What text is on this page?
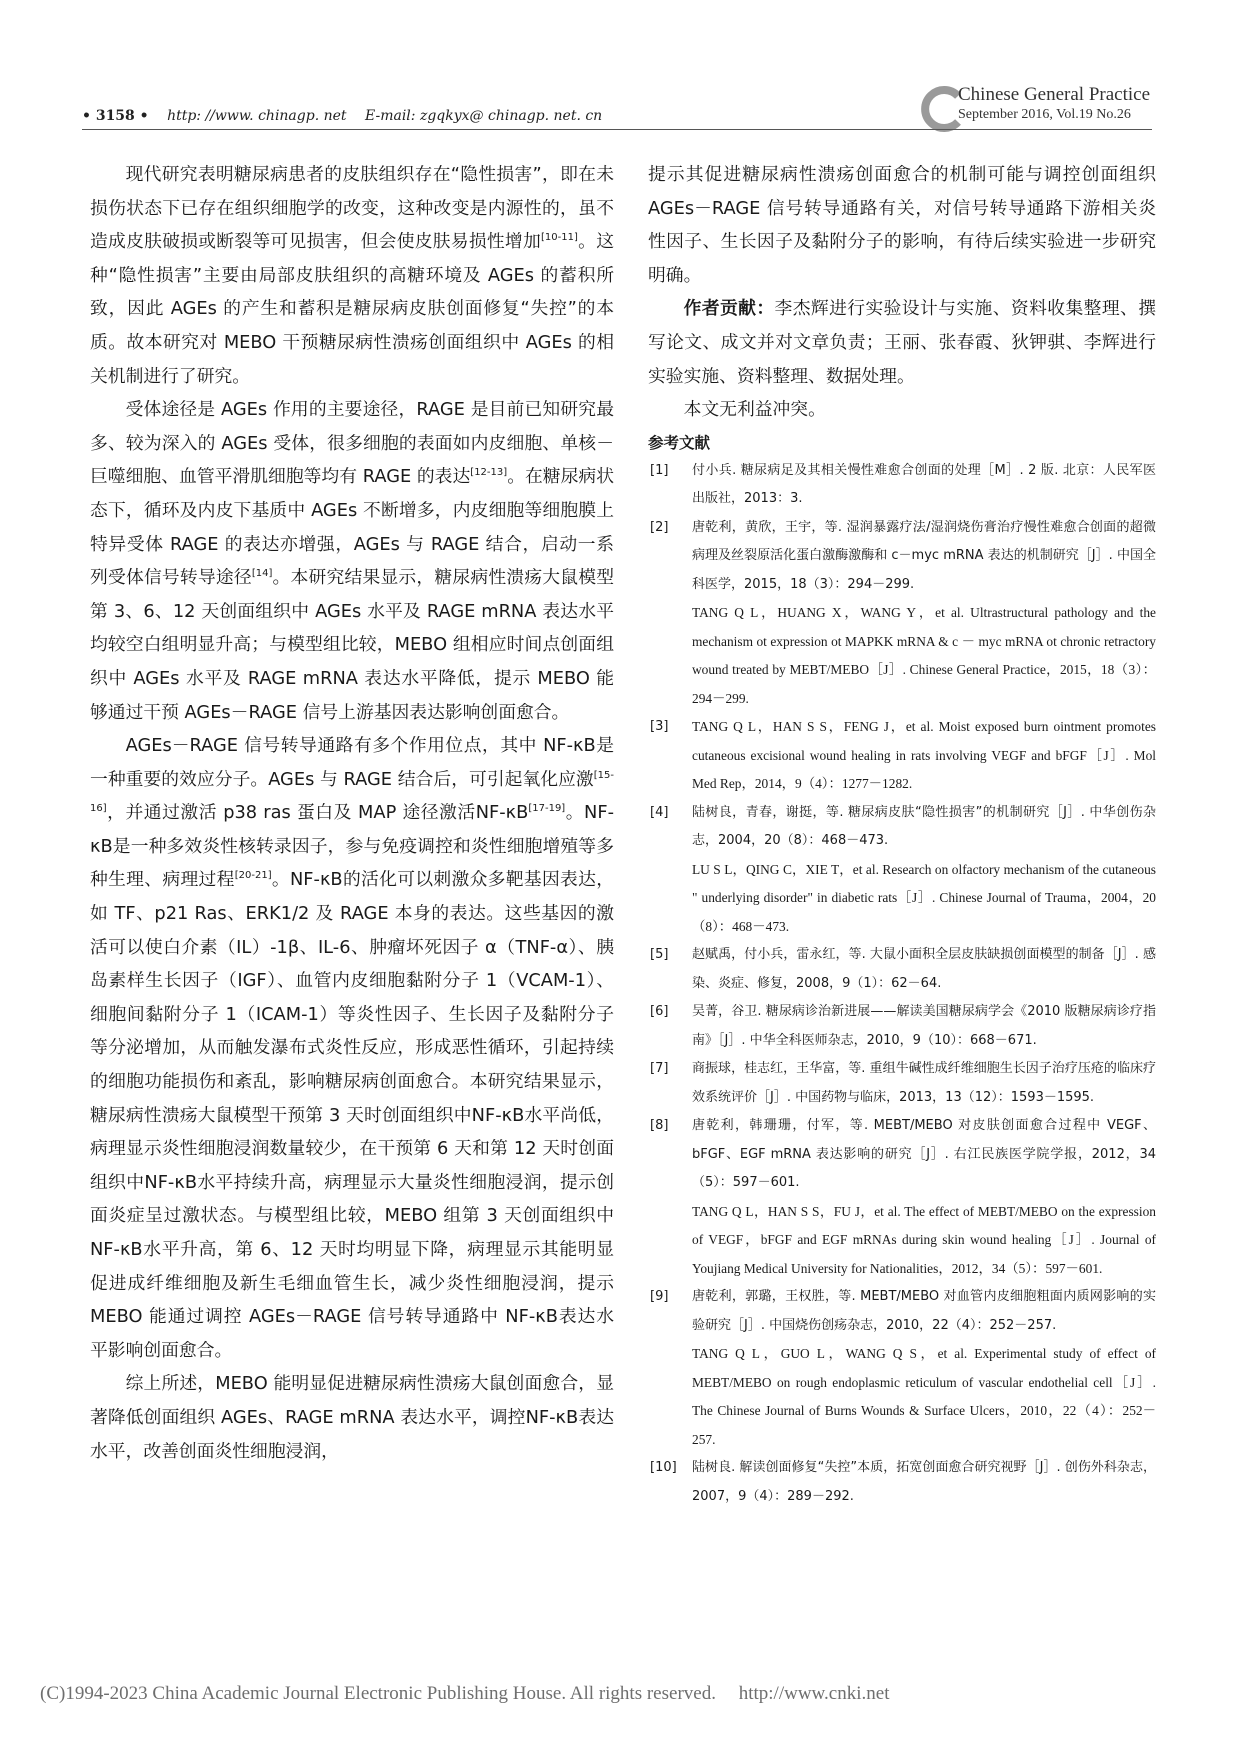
• 3158 • http: //www. chinagp. net E-mail: zgqkyx@ chinagp. net. cn
Chinese General Practice
September 2016, Vol.19 No.26

现代研究表明糖尿病患者的皮肤组织存在“隐性损害”，即在未损伤状态下已存在组织细胞学的改变，这种改变是内源性的，虽不造成皮肤破损或断裂等可见损害，但会使皮肤易损性增加[10-11]。这种“隐性损害”主要由局部皮肤组织的高糖环境及 AGEs 的蓄积所致，因此 AGEs 的产生和蓄积是糖尿病皮肤创面修复“失控”的本质。故本研究对 MEBO 干预糖尿病性溃疡创面组织中 AGEs 的相关机制进行了研究。

受体途径是 AGEs 作用的主要途径，RAGE 是目前已知研究最多、较为深入的 AGEs 受体，很多细胞的表面如内皮细胞、单核－巨噬细胞、血管平滑肌细胞等均有 RAGE 的表达[12-13]。在糖尿病状态下，循环及内皮下基质中 AGEs 不断增多，内皮细胞等细胞膜上特异受体 RAGE 的表达亦增强，AGEs 与 RAGE 结合，启动一系列受体信号转导途径[14]。本研究结果显示，糖尿病性溃疡大鼠模型第 3、6、12 天创面组织中 AGEs 水平及 RAGE mRNA 表达水平均较空白组明显升高；与模型组比较，MEBO 组相应时间点创面组织中 AGEs 水平及 RAGE mRNA 表达水平降低，提示 MEBO 能够通过干预 AGEs－RAGE 信号上游基因表达影响创面愈合。

AGEs－RAGE 信号转导通路有多个作用位点，其中 NF-κB是一种重要的效应分子。AGEs 与 RAGE 结合后，可引起氧化应激[15-16]，并通过激活 p38 ras 蛋白及 MAP 途径激活NF-κB[17-19]。NF-κB是一种多效炎性核转录因子，参与免疫调控和炎性细胞增殖等多种生理、病理过程[20-21]。NF-κB的活化可以刺激众多靶基因表达，如 TF、p21 Ras、ERK1/2 及 RAGE 本身的表达。这些基因的激活可以使白介素（IL）-1β、IL-6、肿瘤坏死因子 α（TNF-α）、胰岛素样生长因子（IGF）、血管内皮细胞黏附分子 1（VCAM-1）、细胞间黏附分子 1（ICAM-1）等炎性因子、生长因子及黏附分子等分泌增加，从而触发瀑布式炎性反应，形成恶性循环，引起持续的细胞功能损伤和紊乱，影响糖尿病创面愈合。本研究结果显示，糖尿病性溃疡大鼠模型干预第 3 天时创面组织中NF-κB水平尚低，病理显示炎性细胞浸润数量较少，在干预第 6 天和第 12 天时创面组织中NF-κB水平持续升高，病理显示大量炎性细胞浸润，提示创面炎症呈过激状态。与模型组比较，MEBO 组第 3 天创面组织中NF-κB水平升高，第 6、12 天时均明显下降，病理显示其能明显促进成纤维细胞及新生毛细血管生长，减少炎性细胞浸润，提示 MEBO 能通过调控 AGEs－RAGE 信号转导通路中 NF-κB表达水平影响创面愈合。

综上所述，MEBO 能明显促进糖尿病性溃疡大鼠创面愈合，显著降低创面组织 AGEs、RAGE mRNA 表达水平，调控NF-κB表达水平，改善创面炎性细胞浸润，

提示其促进糖尿病性溃疡创面愈合的机制可能与调控创面组织 AGEs－RAGE 信号转导通路有关，对信号转导通路下游相关炎性因子、生长因子及黏附分子的影响，有待后续实验进一步研究明确。

作者贡献：李杰辉进行实验设计与实施、资料收集整理、撰写论文、成文并对文章负责；王丽、张春霞、狄钾骐、李辉进行实验实施、资料整理、数据处理。

本文无利益冲突。

参考文献
[1] 付小兵. 糖尿病足及其相关慢性难愈合创面的处理［M］. 2 版. 北京：人民军医出版社，2013：3.
[2] 唐乾利，黄欣，王宇，等. 湿润暴露疗法/湿润烧伤膏治疗慢性难愈合创面的超微病理及丝裂原活化蛋白激酶激酶和 c－myc mRNA 表达的机制研究［J］. 中国全科医学，2015，18（3）：294－299.
TANG Q L，HUANG X，WANG Y，et al. Ultrastructural pathology and the mechanism ot expression ot MAPKK mRNA & c － myc mRNA ot chronic retractory wound treated by MEBT/MEBO［J］. Chinese General Practice，2015，18（3）：294－299.
[3] TANG Q L，HAN S S，FENG J，et al. Moist exposed burn ointment promotes cutaneous excisional wound healing in rats involving VEGF and bFGF［J］. Mol Med Rep，2014，9（4）：1277－1282.
[4] 陆树良，青春，谢挺，等. 糖尿病皮肤“隐性损害”的机制研究［J］. 中华创伤杂志，2004，20（8）：468－473.
LU S L，QING C，XIE T，et al. Research on olfactory mechanism of the cutaneous " underlying disorder" in diabetic rats［J］. Chinese Journal of Trauma，2004，20（8）：468－473.
[5] 赵赋禹，付小兵，雷永红，等. 大鼠小面积全层皮肤缺损创面模型的制备［J］. 感染、炎症、修复，2008，9（1）：62－64.
[6] 吴菁，谷卫. 糖尿病诊治新进展——解读美国糖尿病学会《2010 版糖尿病诊疗指南》［J］. 中华全科医师杂志，2010，9（10）：668－671.
[7] 商振球，桂志红，王华富，等. 重组牛碱性成纤维细胞生长因子治疗压疮的临床疗效系统评价［J］. 中国药物与临床，2013，13（12）：1593－1595.
[8] 唐乾利，韩珊珊，付军，等. MEBT/MEBO 对皮肤创面愈合过程中 VEGF、bFGF、EGF mRNA 表达影响的研究［J］. 右江民族医学院学报，2012，34（5）：597－601.
TANG Q L，HAN S S，FU J，et al. The effect of MEBT/MEBO on the expression of VEGF，bFGF and EGF mRNAs during skin wound healing［J］. Journal of Youjiang Medical University for Nationalities，2012，34（5）：597－601.
[9] 唐乾利，郭璐，王权胜，等. MEBT/MEBO 对血管内皮细胞粗面内质网影响的实验研究［J］. 中国烧伤创疡杂志，2010，22（4）：252－257.
TANG Q L，GUO L，WANG Q S，et al. Experimental study of effect of MEBT/MEBO on rough endoplasmic reticulum of vascular endothelial cell［J］. The Chinese Journal of Burns Wounds & Surface Ulcers，2010，22（4）：252－257.
[10] 陆树良. 解读创面修复“失控”本质，拓宽创面愈合研究视野［J］. 创伤外科杂志，2007，9（4）：289－292.
(C)1994-2023 China Academic Journal Electronic Publishing House. All rights reserved. http://www.cnki.net
